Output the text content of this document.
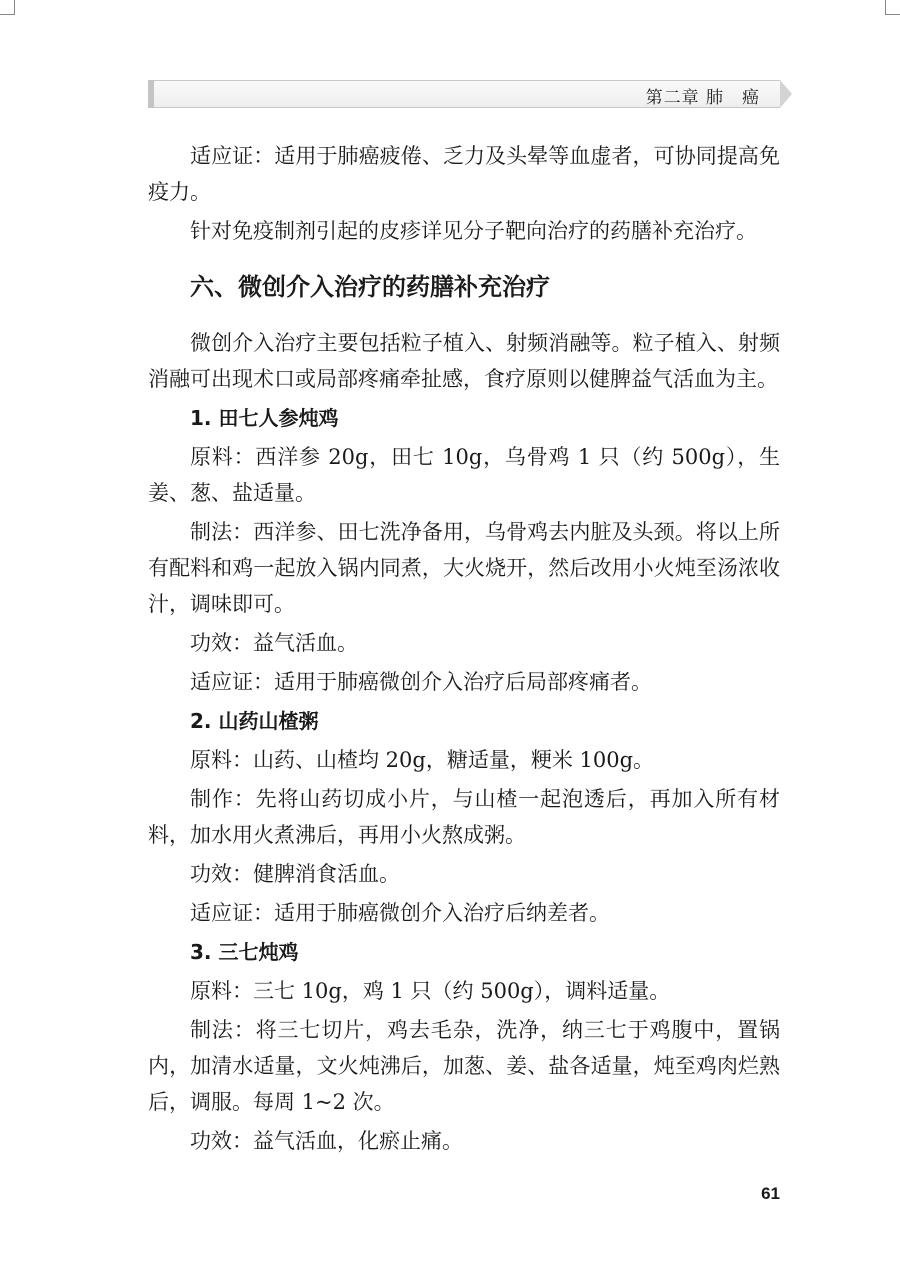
第二章 肺　癌

适应证：适用于肺癌疲倦、乏力及头晕等血虚者，可协同提高免疫力。

针对免疫制剂引起的皮疹详见分子靶向治疗的药膳补充治疗。

六、微创介入治疗的药膳补充治疗

微创介入治疗主要包括粒子植入、射频消融等。粒子植入、射频消融可出现术口或局部疼痛牵扯感，食疗原则以健脾益气活血为主。

1. 田七人参炖鸡

原料：西洋参 20g，田七 10g，乌骨鸡 1 只（约 500g），生姜、葱、盐适量。

制法：西洋参、田七洗净备用，乌骨鸡去内脏及头颈。将以上所有配料和鸡一起放入锅内同煮，大火烧开，然后改用小火炖至汤浓收汁，调味即可。

功效：益气活血。

适应证：适用于肺癌微创介入治疗后局部疼痛者。

2. 山药山楂粥

原料：山药、山楂均 20g，糖适量，粳米 100g。

制作：先将山药切成小片，与山楂一起泡透后，再加入所有材料，加水用火煮沸后，再用小火熬成粥。

功效：健脾消食活血。

适应证：适用于肺癌微创介入治疗后纳差者。

3. 三七炖鸡

原料：三七 10g，鸡 1 只（约 500g），调料适量。

制法：将三七切片，鸡去毛杂，洗净，纳三七于鸡腹中，置锅内，加清水适量，文火炖沸后，加葱、姜、盐各适量，炖至鸡肉烂熟后，调服。每周 1~2 次。

功效：益气活血，化瘀止痛。

61
